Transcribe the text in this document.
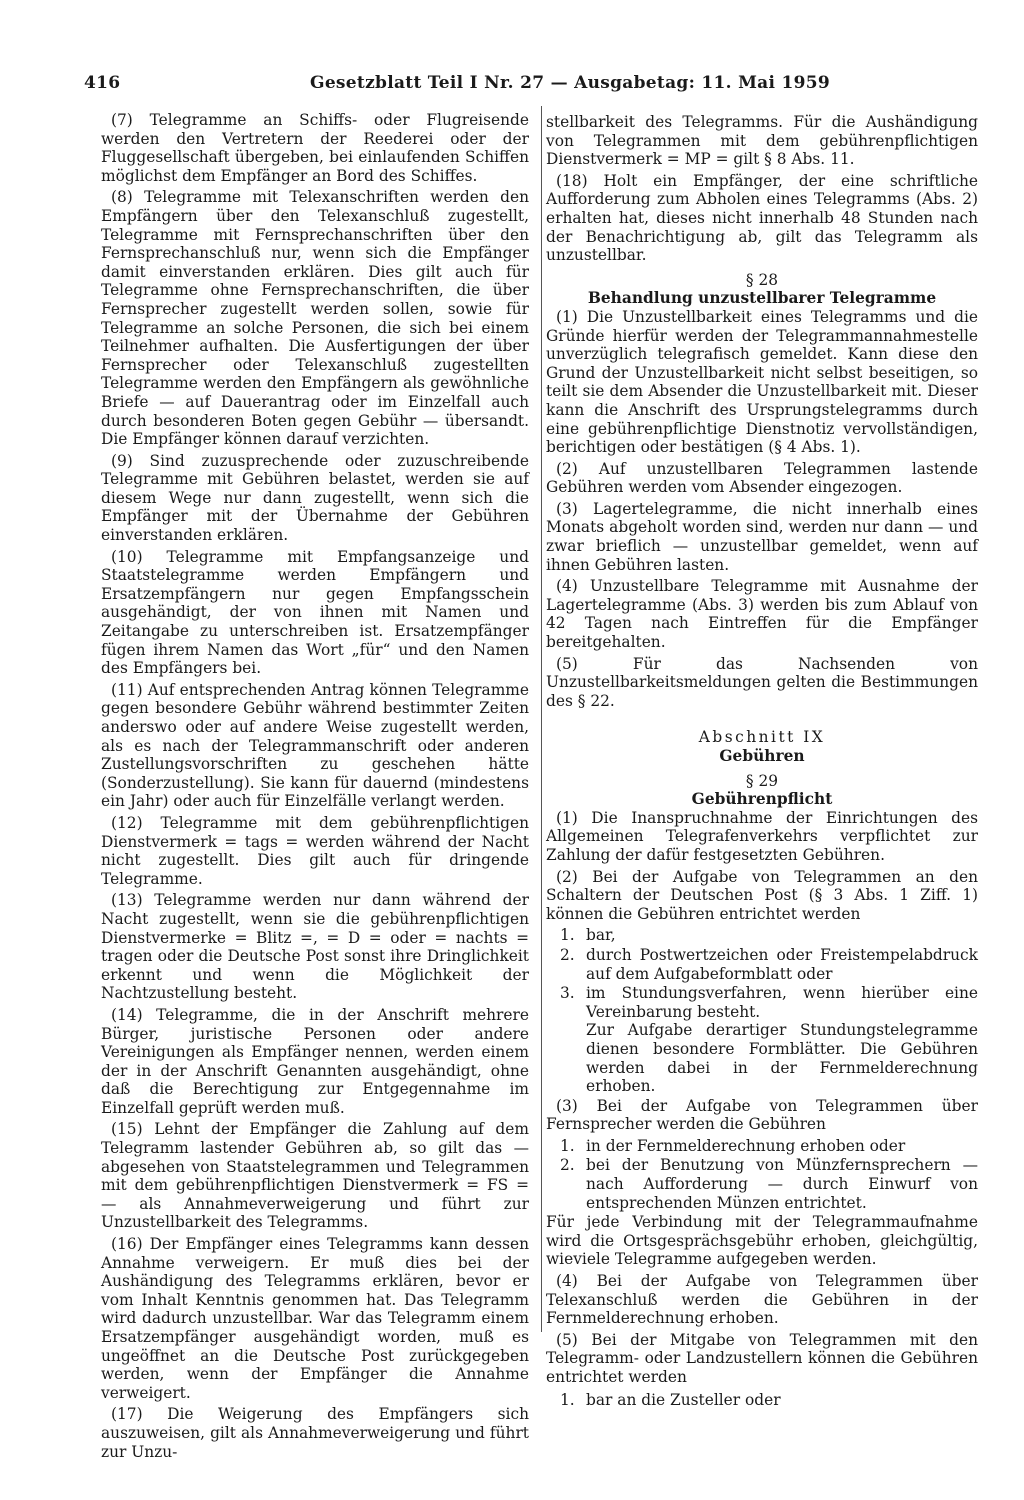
416	Gesetzblatt Teil I Nr. 27 — Ausgabetag: 11. Mai 1959

(7) Telegramme an Schiffs- oder Flugreisende werden den Vertretern der Reederei oder der Fluggesellschaft übergeben, bei einlaufenden Schiffen möglichst dem Empfänger an Bord des Schiffes.

(8) Telegramme mit Telexanschriften werden den Empfängern über den Telexanschluß zugestellt, Telegramme mit Fernsprechanschriften über den Fernsprechanschluß nur, wenn sich die Empfänger damit einverstanden erklären. Dies gilt auch für Telegramme ohne Fernsprechanschriften, die über Fernsprecher zugestellt werden sollen, sowie für Telegramme an solche Personen, die sich bei einem Teilnehmer aufhalten. Die Ausfertigungen der über Fernsprecher oder Telexanschluß zugestellten Telegramme werden den Empfängern als gewöhnliche Briefe — auf Dauerantrag oder im Einzelfall auch durch besonderen Boten gegen Gebühr — übersandt. Die Empfänger können darauf verzichten.

(9) Sind zuzusprechende oder zuzuschreibende Telegramme mit Gebühren belastet, werden sie auf diesem Wege nur dann zugestellt, wenn sich die Empfänger mit der Übernahme der Gebühren einverstanden erklären.

(10) Telegramme mit Empfangsanzeige und Staatstelegramme werden Empfängern und Ersatzempfängern nur gegen Empfangsschein ausgehändigt, der von ihnen mit Namen und Zeitangabe zu unterschreiben ist. Ersatzempfänger fügen ihrem Namen das Wort „für“ und den Namen des Empfängers bei.

(11) Auf entsprechenden Antrag können Telegramme gegen besondere Gebühr während bestimmter Zeiten anderswo oder auf andere Weise zugestellt werden, als es nach der Telegrammanschrift oder anderen Zustellungsvorschriften zu geschehen hätte (Sonderzustellung). Sie kann für dauernd (mindestens ein Jahr) oder auch für Einzelfälle verlangt werden.

(12) Telegramme mit dem gebührenpflichtigen Dienstvermerk = tags = werden während der Nacht nicht zugestellt. Dies gilt auch für dringende Telegramme.

(13) Telegramme werden nur dann während der Nacht zugestellt, wenn sie die gebührenpflichtigen Dienstvermerke = Blitz =, = D = oder = nachts = tragen oder die Deutsche Post sonst ihre Dringlichkeit erkennt und wenn die Möglichkeit der Nachtzustellung besteht.

(14) Telegramme, die in der Anschrift mehrere Bürger, juristische Personen oder andere Vereinigungen als Empfänger nennen, werden einem der in der Anschrift Genannten ausgehändigt, ohne daß die Berechtigung zur Entgegennahme im Einzelfall geprüft werden muß.

(15) Lehnt der Empfänger die Zahlung auf dem Telegramm lastender Gebühren ab, so gilt das — abgesehen von Staatstelegrammen und Telegrammen mit dem gebührenpflichtigen Dienstvermerk = FS = — als Annahmeverweigerung und führt zur Unzustellbarkeit des Telegramms.

(16) Der Empfänger eines Telegramms kann dessen Annahme verweigern. Er muß dies bei der Aushändigung des Telegramms erklären, bevor er vom Inhalt Kenntnis genommen hat. Das Telegramm wird dadurch unzustellbar. War das Telegramm einem Ersatzempfänger ausgehändigt worden, muß es ungeöffnet an die Deutsche Post zurückgegeben werden, wenn der Empfänger die Annahme verweigert.

(17) Die Weigerung des Empfängers sich auszuweisen, gilt als Annahmeverweigerung und führt zur Unzu-

stellbarkeit des Telegramms. Für die Aushändigung von Telegrammen mit dem gebührenpflichtigen Dienstvermerk = MP = gilt § 8 Abs. 11.

(18) Holt ein Empfänger, der eine schriftliche Aufforderung zum Abholen eines Telegramms (Abs. 2) erhalten hat, dieses nicht innerhalb 48 Stunden nach der Benachrichtigung ab, gilt das Telegramm als unzustellbar.

§ 28

Behandlung unzustellbarer Telegramme

(1) Die Unzustellbarkeit eines Telegramms und die Gründe hierfür werden der Telegrammannahmestelle unverzüglich telegrafisch gemeldet. Kann diese den Grund der Unzustellbarkeit nicht selbst beseitigen, so teilt sie dem Absender die Unzustellbarkeit mit. Dieser kann die Anschrift des Ursprungstelegramms durch eine gebührenpflichtige Dienstnotiz vervollständigen, berichtigen oder bestätigen (§ 4 Abs. 1).

(2) Auf unzustellbaren Telegrammen lastende Gebühren werden vom Absender eingezogen.

(3) Lagertelegramme, die nicht innerhalb eines Monats abgeholt worden sind, werden nur dann — und zwar brieflich — unzustellbar gemeldet, wenn auf ihnen Gebühren lasten.

(4) Unzustellbare Telegramme mit Ausnahme der Lagertelegramme (Abs. 3) werden bis zum Ablauf von 42 Tagen nach Eintreffen für die Empfänger bereitgehalten.

(5) Für das Nachsenden von Unzustellbarkeitsmeldungen gelten die Bestimmungen des § 22.

Abschnitt IX

Gebühren

§ 29

Gebührenpflicht

(1) Die Inanspruchnahme der Einrichtungen des Allgemeinen Telegrafenverkehrs verpflichtet zur Zahlung der dafür festgesetzten Gebühren.

(2) Bei der Aufgabe von Telegrammen an den Schaltern der Deutschen Post (§ 3 Abs. 1 Ziff. 1) können die Gebühren entrichtet werden

1. bar,
2. durch Postwertzeichen oder Freistempelabdruck auf dem Aufgabeformblatt oder
3. im Stundungsverfahren, wenn hierüber eine Vereinbarung besteht.
Zur Aufgabe derartiger Stundungstelegramme dienen besondere Formblätter. Die Gebühren werden dabei in der Fernmelderechnung erhoben.

(3) Bei der Aufgabe von Telegrammen über Fernsprecher werden die Gebühren

1. in der Fernmelderechnung erhoben oder
2. bei der Benutzung von Münzfernsprechern — nach Aufforderung — durch Einwurf von entsprechenden Münzen entrichtet.

Für jede Verbindung mit der Telegrammaufnahme wird die Ortsgesprächsgebühr erhoben, gleichgültig, wieviele Telegramme aufgegeben werden.

(4) Bei der Aufgabe von Telegrammen über Telexanschluß werden die Gebühren in der Fernmelderechnung erhoben.

(5) Bei der Mitgabe von Telegrammen mit den Telegramm- oder Landzustellern können die Gebühren entrichtet werden

1. bar an die Zusteller oder
